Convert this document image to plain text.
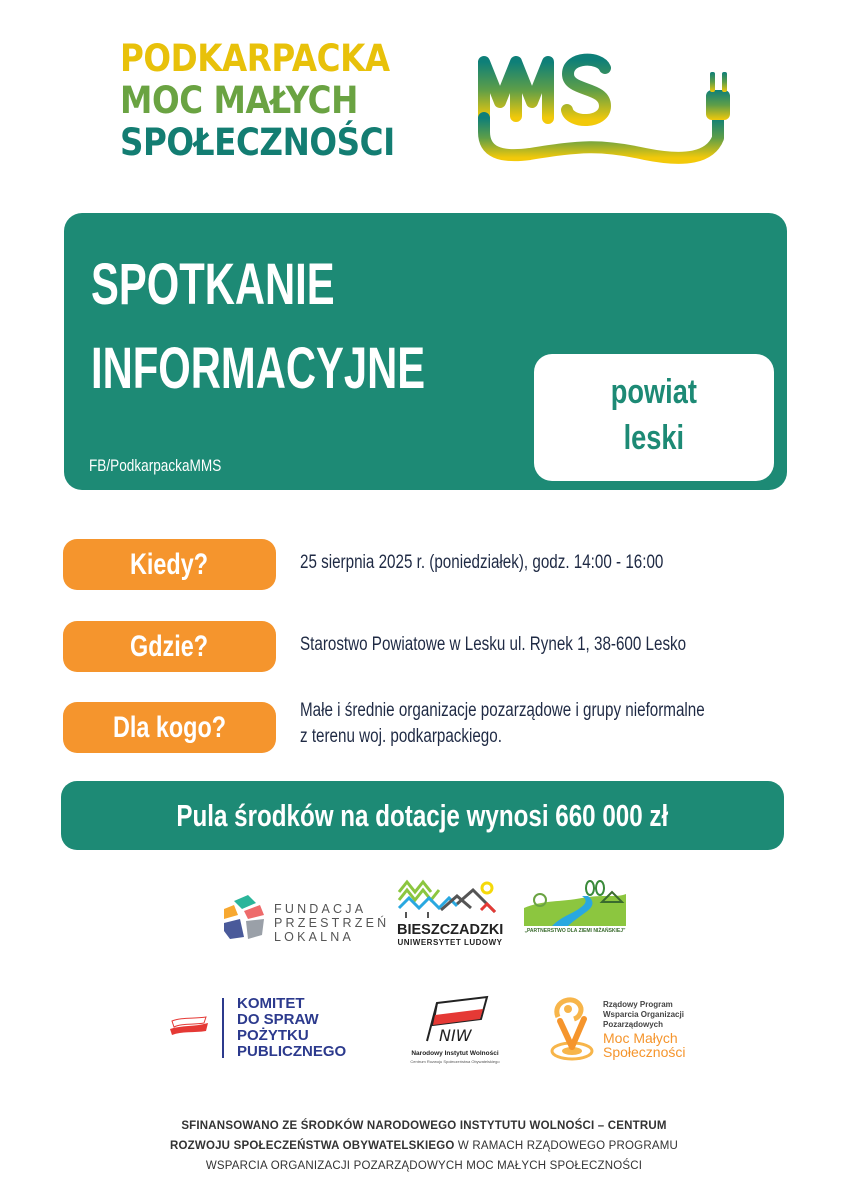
PODKARPACKA
MOC MAŁYCH
SPOŁECZNOŚCI
SPOTKANIE
INFORMACYJNE
FB/PodkarpackaMMS
powiat
leski
Kiedy?	25 sierpnia 2025 r. (poniedziałek), godz. 14:00 - 16:00
Gdzie?	Starostwo Powiatowe w Lesku ul. Rynek 1, 38-600 Lesko
Dla kogo?
Małe i średnie organizacje pozarządowe i grupy nieformalne
z terenu woj. podkarpackiego.
Pula środków na dotacje wynosi 660 000 zł
FUNDACJA
PRZESTRZEŃ
LOKALNA	BIESZCZADZKI
UNIWERSYTET LUDOWY
„PARTNERSTWO DLA ZIEMI NIŻAŃSKIEJ”
KOMITET
DO SPRAW
POŻYTKU
PUBLICZNEGO
NIW
Narodowy Instytut Wolności
Centrum Rozwoju Społeczeństwa Obywatelskiego
Rządowy Program
Wsparcia Organizacji
Pozarządowych
Moc Małych
Społeczności
SFINANSOWANO ZE ŚRODKÓW NARODOWEGO INSTYTUTU WOLNOŚCI – CENTRUM
ROZWOJU SPOŁECZEŃSTWA OBYWATELSKIEGO W RAMACH RZĄDOWEGO PROGRAMU
WSPARCIA ORGANIZACJI POZARZĄDOWYCH MOC MAŁYCH SPOŁECZNOŚCI
